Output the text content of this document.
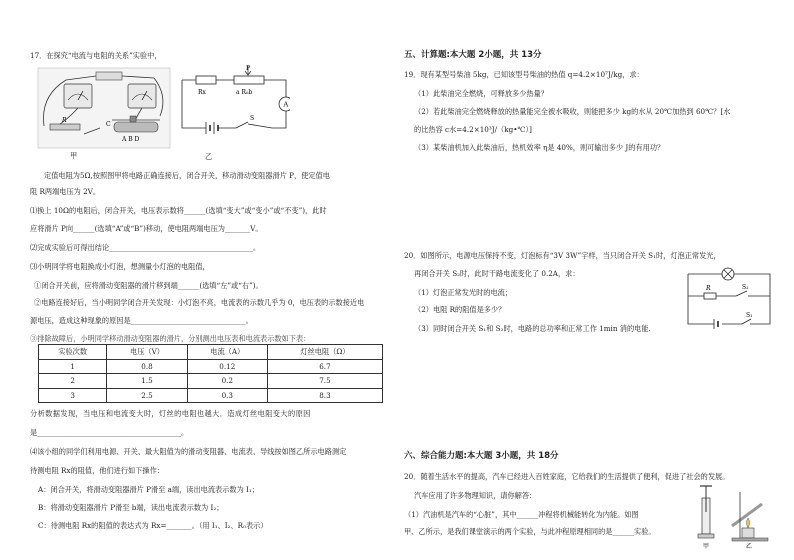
17．在探究“电流与电阻的关系”实验中，
R
C
A B D
甲
P
Rx	a R₀b
S
A
乙
定值电阻为5Ω,按照图甲将电路正确连接后，闭合开关，移动滑动变阻器滑片 P，使定值电
阻 R两端电压为 2V。
⑴换上 10Ω的电阻后，闭合开关，电压表示数将______(选填“变大”或“变小”或“不变”)，此时
应将滑片 P向______(选填“A”或“B”)移动，使电阻两端电压为_______V。
⑵完成实验后可得出结论________________________________________。
⑶小明同学将电阻换成小灯泡，想测量小灯泡的电阻值，
①闭合开关前，应将滑动变阻器的滑片移到端______(选填“左”或“右”)。
②电路连接好后，当小明同学闭合开关发现：小灯泡不亮，电流表的示数几乎为 0，电压表的示数接近电
源电压，造成这种现象的原因是________________________________。
③排除故障后，小明同学移动滑动变阻器的滑片，分别测出电压表和电流表示数如下表：
分析数据发现，当电压和电流变大时，灯丝的电阻也越大．造成灯丝电阻变大的原因
是________________________________________。
⑷该小组的同学们利用电源、开关、最大阻值为的滑动变阻器、电流表、导线按如图乙所示电路测定
待测电阻 Rx的阻值，他们进行如下操作：
A：闭合开关，将滑动变阻器滑片 P滑至 a端，读出电流表示数为 I₁；
B：将滑动变阻器滑片 P滑至 b端，读出电流表示数为 I₂；
C：待测电阻 Rx的阻值的表达式为 Rx=_______。（用 I₁、I₂、R₀表示）
实验次数	电压（V）	电流（A）	灯丝电阻（Ω）
1	0.8	0.12	6.7
2	1.5	0.2	7.5
3	2.5	0.3	8.3
五、计算题:本大题 2小题，共 13分
19．现有某型号柴油 5kg，已知该型号柴油的热值 q=4.2×10⁷J/kg，求：
（1）此柴油完全燃烧，可释放多少热量？
（2）若此柴油完全燃烧释放的热量能完全被水吸收，则能把多少 kg的水从 20℃加热到 60℃？[水
的比热容 c水=4.2×10³J/（kg•℃）]
（3）某柴油机加入此柴油后，热机效率 η是 40%，则可输出多少 J的有用功？
20．如图所示，电源电压保持不变，灯泡标有“3V 3W”字样，当只闭合开关 S₁时，灯泡正常发光，
再闭合开关 S₂时，此时干路电流变化了 0.2A，求：
（1）灯泡正常发光时的电流；
（2）电阻 R的阻值是多少？
（3）同时闭合开关 S₁和 S₂时，电路的总功率和正常工作 1min 消的电能.
R	S₂
S₁
六、综合能力题:本大题 3小题，共 18分
20．随着生活水平的提高，汽车已经进入百姓家庭，它给我们的生活提供了便利，促进了社会的发展。
汽车应用了许多物理知识，请你解答：
（1）汽油机是汽车的“心脏”，其中______冲程将机械能转化为内能。如图
甲、乙所示，是我们课堂演示的两个实验，与此冲程原理相同的是______实验。
甲	乙
